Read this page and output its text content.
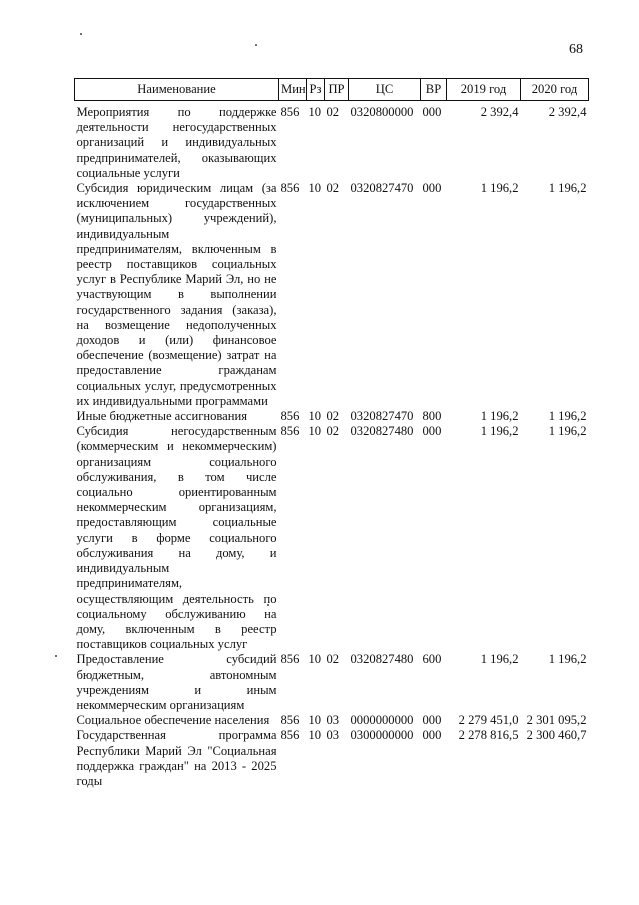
68
Наименование	Мин	Рз	ПР	ЦС	ВР	2019 год	2020 год

Мероприятия по поддержке деятельности негосударственных организаций и индивидуальных предпринимателей, оказывающих социальные услуги	856	10	02	0320800000	000	2 392,4	2 392,4
Субсидия юридическим лицам (за исключением государственных (муниципальных) учреждений), индивидуальным предпринимателям, включенным в реестр поставщиков социальных услуг в Республике Марий Эл, но не участвующим в выполнении государственного задания (заказа), на возмещение недополученных доходов и (или) финансовое обеспечение (возмещение) затрат на предоставление гражданам социальных услуг, предусмотренных их индивидуальными программами	856	10	02	0320827470	000	1 196,2	1 196,2
Иные бюджетные ассигнования	856	10	02	0320827470	800	1 196,2	1 196,2
Субсидия негосударственным (коммерческим и некоммерческим) организациям социального обслуживания, в том числе социально ориентированным некоммерческим организациям, предоставляющим социальные услуги в форме социального обслуживания на дому, и индивидуальным предпринимателям, осуществляющим деятельность по социальному обслуживанию на дому, включенным в реестр поставщиков социальных услуг	856	10	02	0320827480	000	1 196,2	1 196,2
Предоставление субсидий бюджетным, автономным учреждениям и иным некоммерческим организациям	856	10	02	0320827480	600	1 196,2	1 196,2
Социальное обеспечение населения	856	10	03	0000000000	000	2 279 451,0	2 301 095,2
Государственная программа Республики Марий Эл "Социальная поддержка граждан" на 2013 - 2025 годы	856	10	03	0300000000	000	2 278 816,5	2 300 460,7
